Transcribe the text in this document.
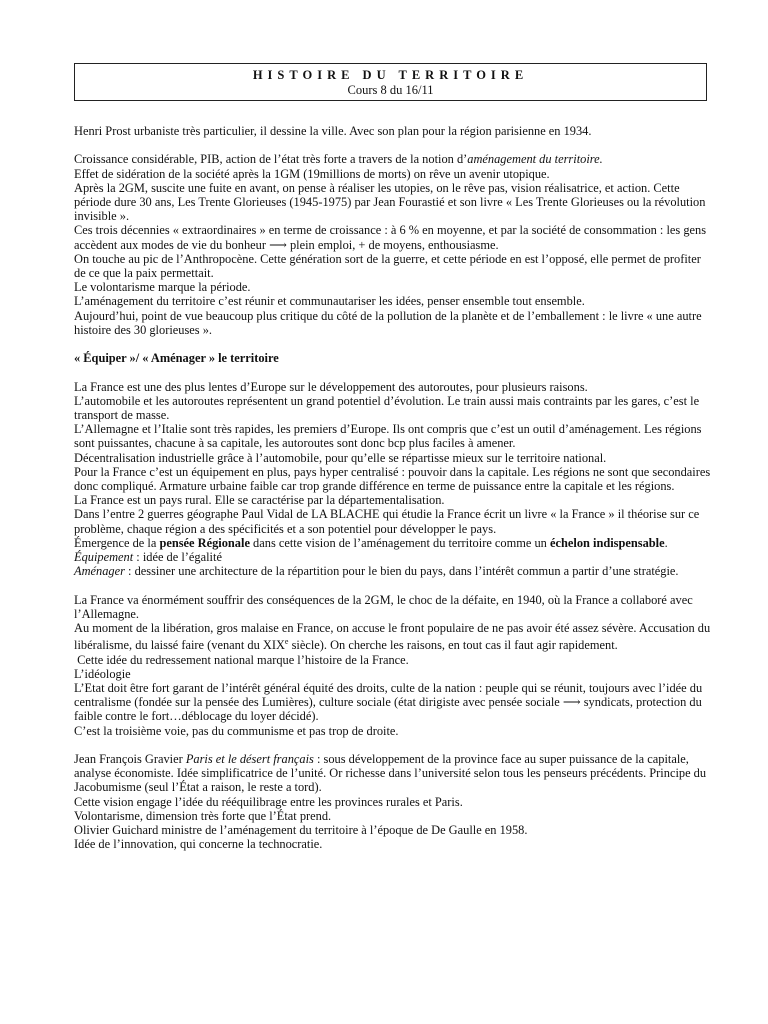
HISTOIRE DU TERRITOIRE
Cours 8 du 16/11

Henri Prost urbaniste très particulier, il dessine la ville. Avec son plan pour la région parisienne en 1934.

Croissance considérable, PIB, action de l’état très forte a travers de la notion d’aménagement du territoire.

Effet de sidération de la société après la 1GM (19millions de morts) on rêve un avenir utopique.

Après la 2GM, suscite une fuite en avant, on pense à réaliser les utopies, on le rêve pas, vision réalisatrice, et action. Cette période dure 30 ans, Les Trente Glorieuses (1945-1975) par Jean Fourastié et son livre « Les Trente Glorieuses ou la révolution invisible ».

Ces trois décennies « extraordinaires » en terme de croissance : à 6 % en moyenne, et par la société de consommation : les gens accèdent aux modes de vie du bonheur ⟶ plein emploi, + de moyens, enthousiasme.

On touche au pic de l’Anthropocène. Cette génération sort de la guerre, et cette période en est l’opposé, elle permet de profiter de ce que la paix permettait.

Le volontarisme marque la période.

L’aménagement du territoire c’est réunir et communautariser les idées, penser ensemble tout ensemble.

Aujourd’hui, point de vue beaucoup plus critique du côté de la pollution de la planète et de l’emballement : le livre « une autre histoire des 30 glorieuses ».

« Équiper »/ « Aménager » le territoire

La France est une des plus lentes d’Europe sur le développement des autoroutes, pour plusieurs raisons.

L’automobile et les autoroutes représentent un grand potentiel d’évolution. Le train aussi mais contraints par les gares, c’est le transport de masse.

L’Allemagne et l’Italie sont très rapides, les premiers d’Europe. Ils ont compris que c’est un outil d’aménagement. Les régions sont puissantes, chacune à sa capitale, les autoroutes sont donc bcp plus faciles à amener.

Décentralisation industrielle grâce à l’automobile, pour qu’elle se répartisse mieux sur le territoire national.

Pour la France c’est un équipement en plus, pays hyper centralisé : pouvoir dans la capitale. Les régions ne sont que secondaires donc compliqué. Armature urbaine faible car trop grande différence en terme de puissance entre la capitale et les régions.

La France est un pays rural. Elle se caractérise par la départementalisation.

Dans l’entre 2 guerres géographe Paul Vidal de LA BLACHE qui étudie la France écrit un livre « la France » il théorise sur ce problème, chaque région a des spécificités et a son potentiel pour développer le pays.

Émergence de la pensée Régionale dans cette vision de l’aménagement du territoire comme un échelon indispensable.

Équipement : idée de l’égalité

Aménager : dessiner une architecture de la répartition pour le bien du pays, dans l’intérêt commun a partir d’une stratégie.

La France va énormément souffrir des conséquences de la 2GM, le choc de la défaite, en 1940, où la France a collaboré avec l’Allemagne.

Au moment de la libération, gros malaise en France, on accuse le front populaire de ne pas avoir été assez sévère. Accusation du libéralisme, du laissé faire (venant du XIXe siècle). On cherche les raisons, en tout cas il faut agir rapidement.

Cette idée du redressement national marque l’histoire de la France.

L’idéologie

L’Etat doit être fort garant de l’intérêt général équité des droits, culte de la nation : peuple qui se réunit, toujours avec l’idée du centralisme (fondée sur la pensée des Lumières), culture sociale (état dirigiste avec pensée sociale ⟶ syndicats, protection du faible contre le fort…déblocage du loyer décidé).

C’est la troisième voie, pas du communisme et pas trop de droite.

Jean François Gravier Paris et le désert français : sous développement de la province face au super puissance de la capitale, analyse économiste. Idée simplificatrice de l’unité. Or richesse dans l’université selon tous les penseurs précédents. Principe du Jacobumisme (seul l’État a raison, le reste a tord).

Cette vision engage l’idée du rééquilibrage entre les provinces rurales et Paris.

Volontarisme, dimension très forte que l’État prend.

Olivier Guichard ministre de l’aménagement du territoire à l’époque de De Gaulle en 1958.

Idée de l’innovation, qui concerne la technocratie.
